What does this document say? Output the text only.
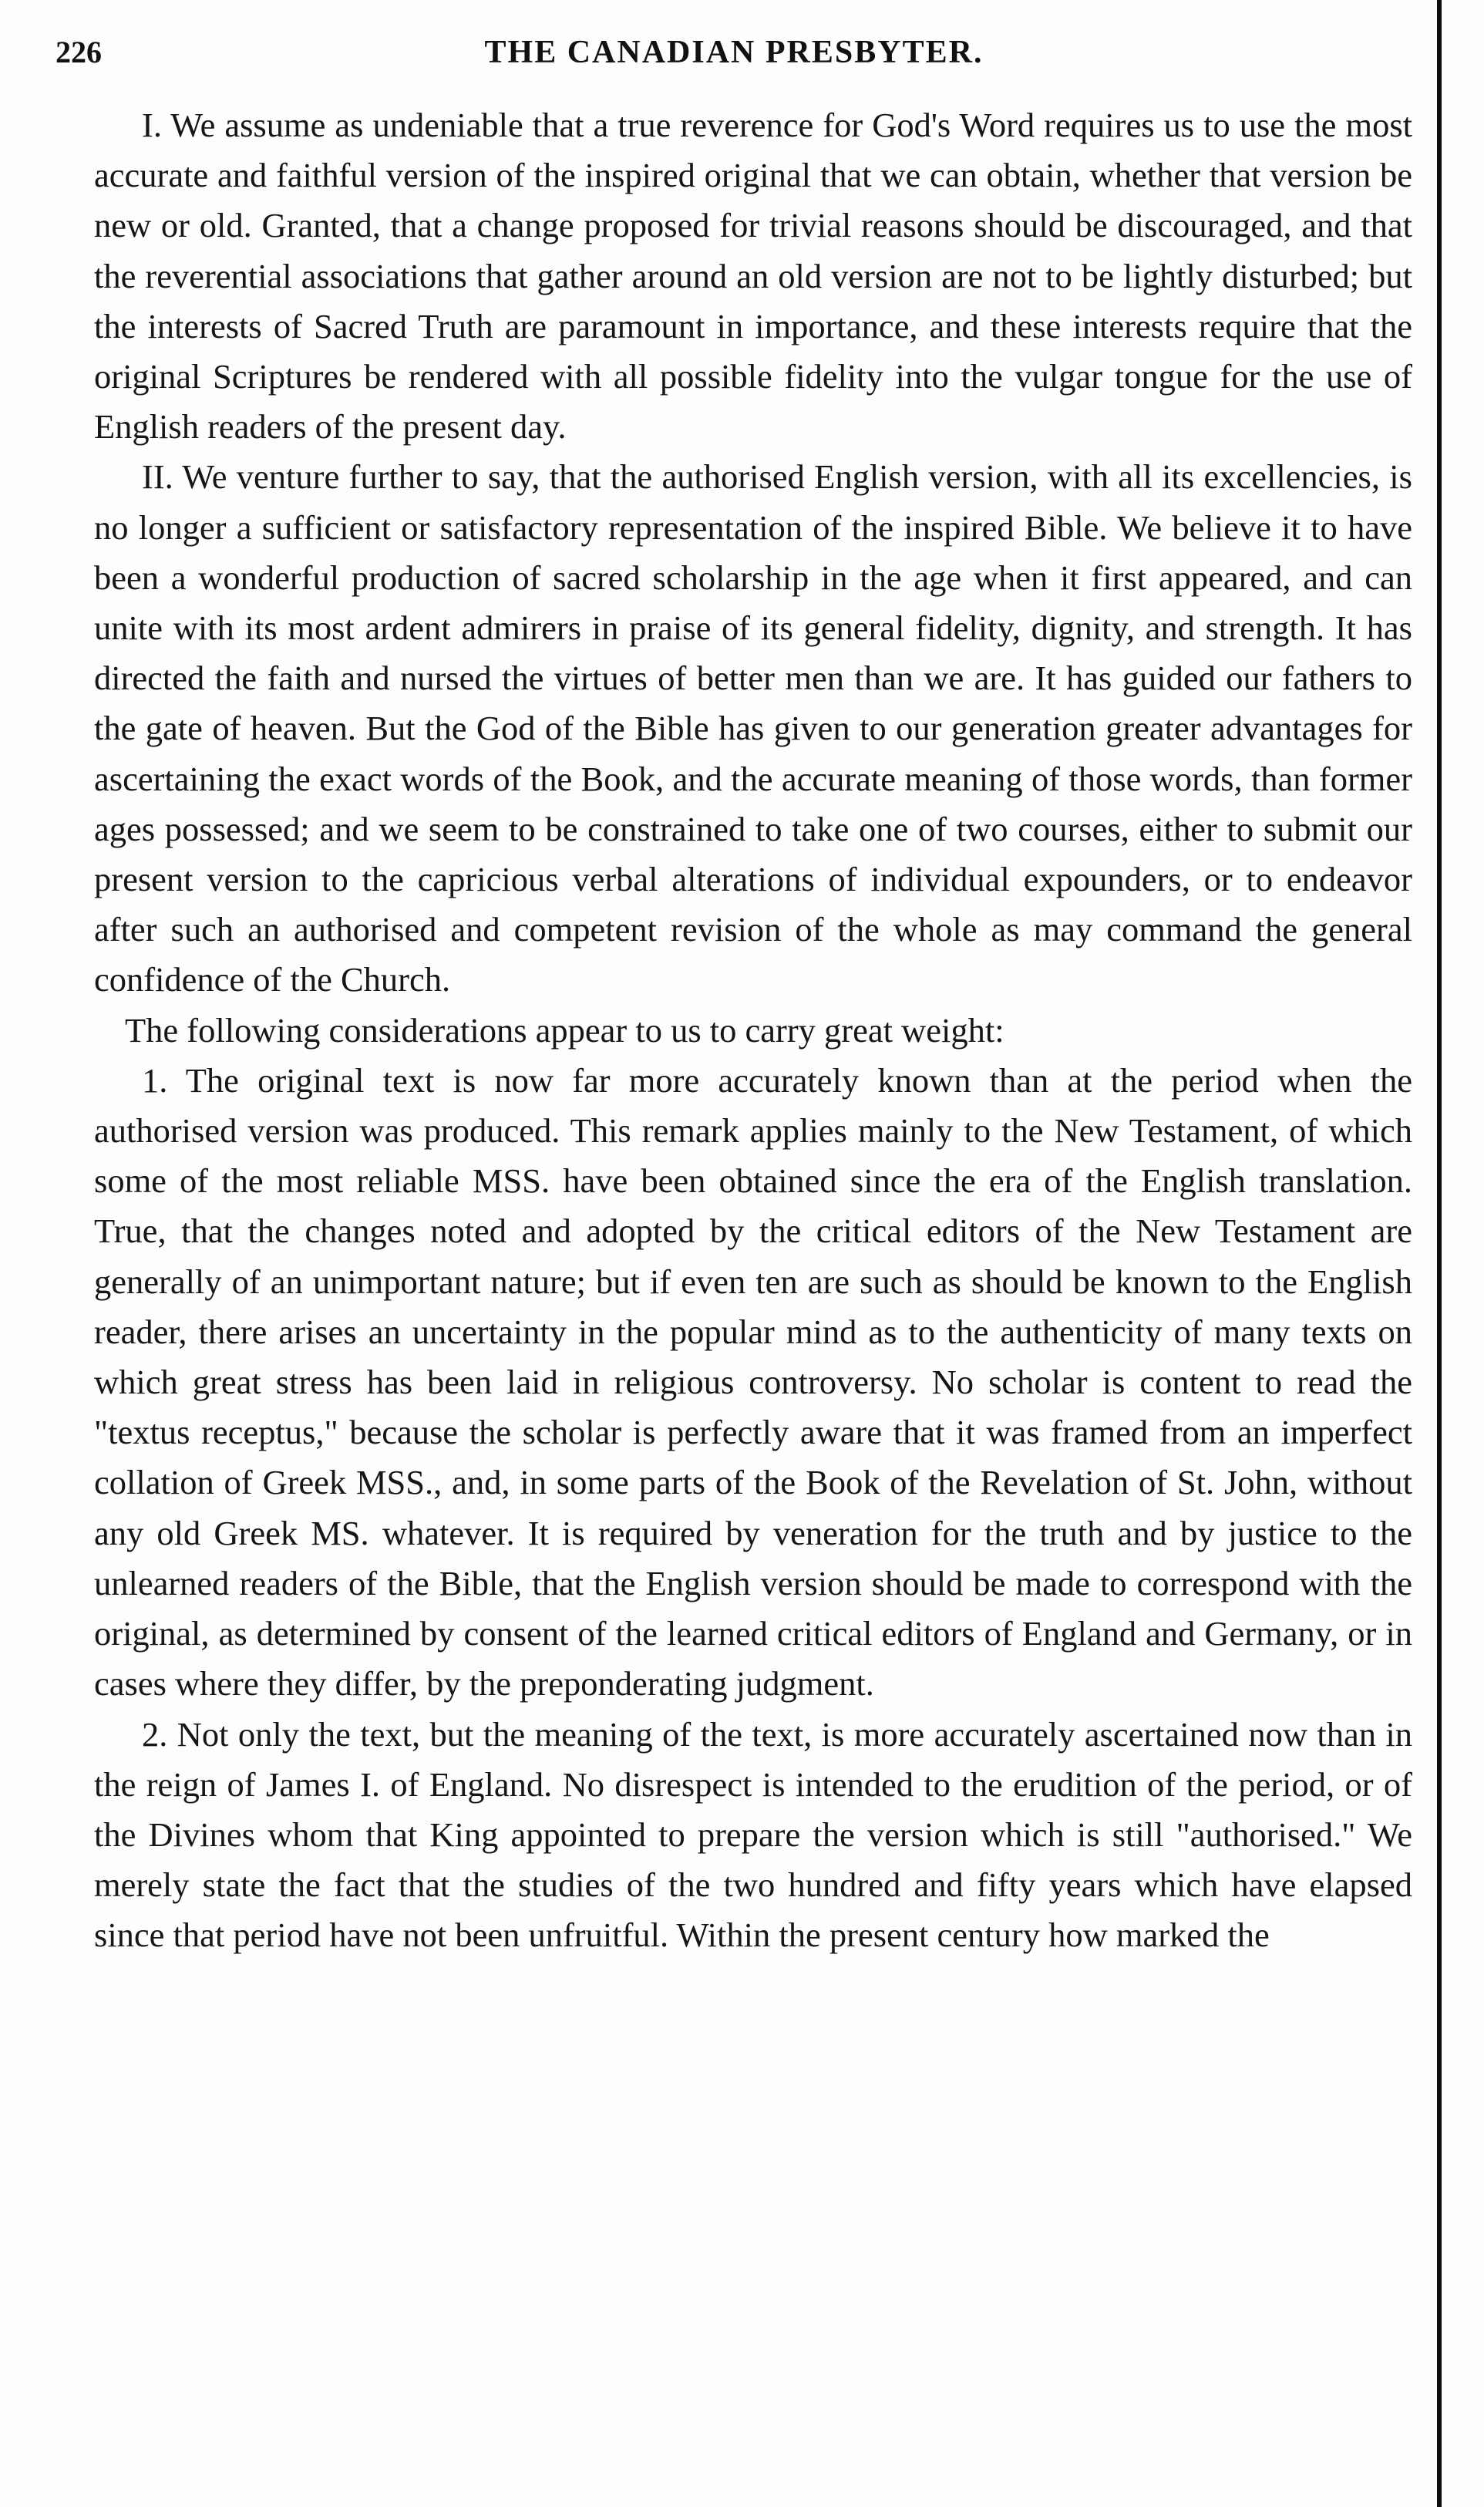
226	THE CANADIAN PRESBYTER.

I. We assume as undeniable that a true reverence for God's Word requires us to use the most accurate and faithful version of the inspired original that we can obtain, whether that version be new or old. Granted, that a change proposed for trivial reasons should be discouraged, and that the reverential associations that gather around an old version are not to be lightly disturbed; but the interests of Sacred Truth are paramount in importance, and these interests require that the original Scriptures be rendered with all possible fidelity into the vulgar tongue for the use of English readers of the present day.

II. We venture further to say, that the authorised English version, with all its excellencies, is no longer a sufficient or satisfactory representation of the inspired Bible. We believe it to have been a wonderful production of sacred scholarship in the age when it first appeared, and can unite with its most ardent admirers in praise of its general fidelity, dignity, and strength. It has directed the faith and nursed the virtues of better men than we are. It has guided our fathers to the gate of heaven. But the God of the Bible has given to our generation greater advantages for ascertaining the exact words of the Book, and the accurate meaning of those words, than former ages possessed; and we seem to be constrained to take one of two courses, either to submit our present version to the capricious verbal alterations of individual expounders, or to endeavor after such an authorised and competent revision of the whole as may command the general confidence of the Church.

The following considerations appear to us to carry great weight:

1. The original text is now far more accurately known than at the period when the authorised version was produced. This remark applies mainly to the New Testament, of which some of the most reliable MSS. have been obtained since the era of the English translation. True, that the changes noted and adopted by the critical editors of the New Testament are generally of an unimportant nature; but if even ten are such as should be known to the English reader, there arises an uncertainty in the popular mind as to the authenticity of many texts on which great stress has been laid in religious controversy. No scholar is content to read the "textus receptus," because the scholar is perfectly aware that it was framed from an imperfect collation of Greek MSS., and, in some parts of the Book of the Revelation of St. John, without any old Greek MS. whatever. It is required by veneration for the truth and by justice to the unlearned readers of the Bible, that the English version should be made to correspond with the original, as determined by consent of the learned critical editors of England and Germany, or in cases where they differ, by the preponderating judgment.

2. Not only the text, but the meaning of the text, is more accurately ascertained now than in the reign of James I. of England. No disrespect is intended to the erudition of the period, or of the Divines whom that King appointed to prepare the version which is still "authorised." We merely state the fact that the studies of the two hundred and fifty years which have elapsed since that period have not been unfruitful. Within the present century how marked the
